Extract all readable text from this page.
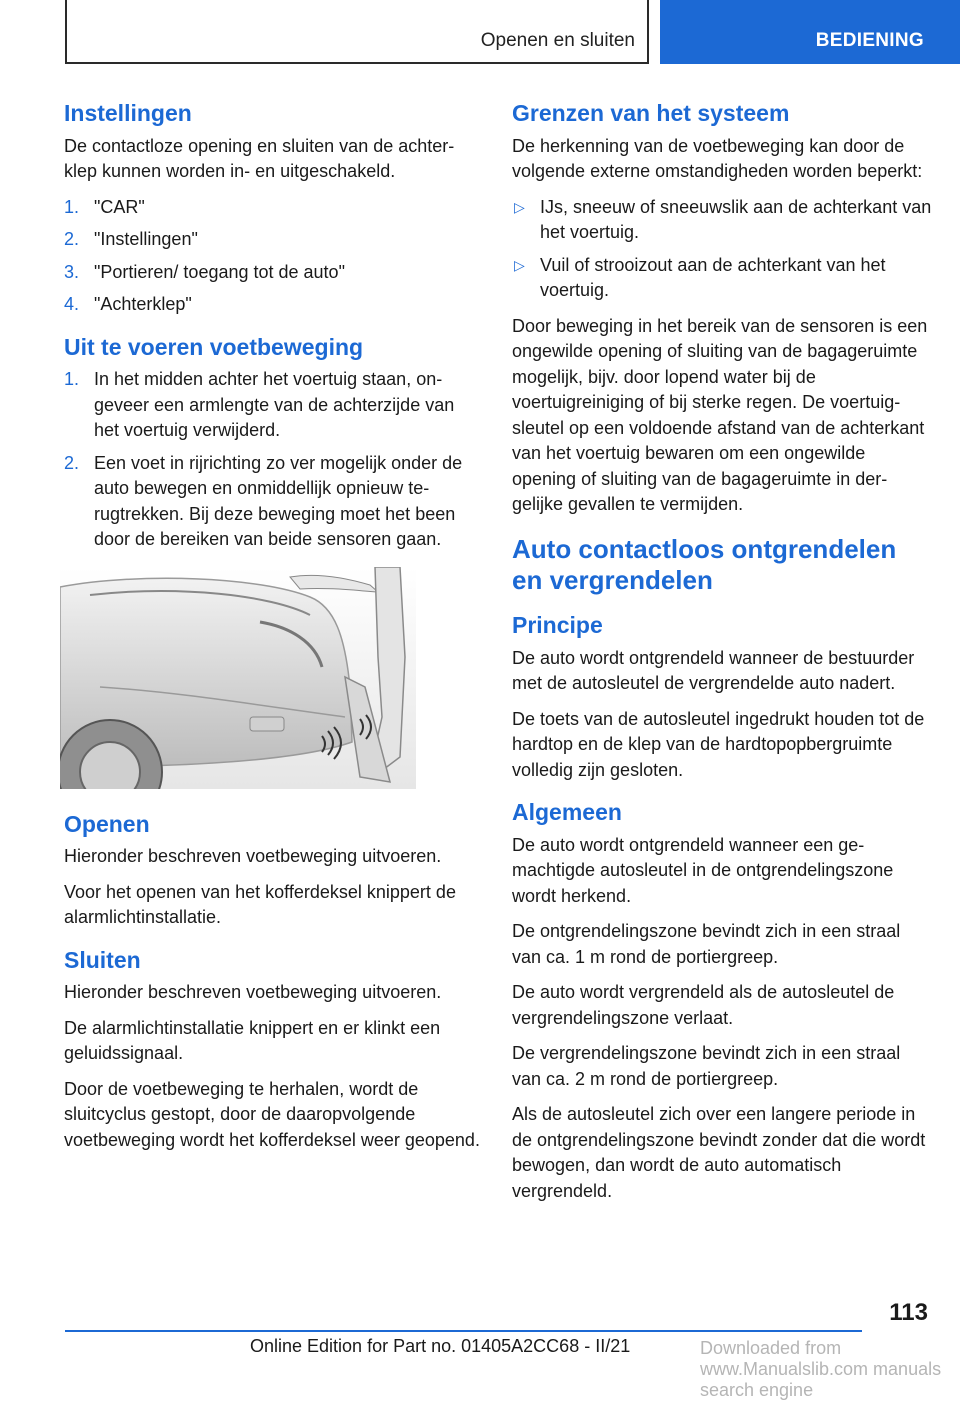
Openen en sluiten	BEDIENING
Instellingen

De contactloze opening en sluiten van de achterklep kunnen worden in- en uitgeschakeld.

1. "CAR"
2. "Instellingen"
3. "Portieren/ toegang tot de auto"
4. "Achterklep"
Uit te voeren voetbeweging
1. In het midden achter het voertuig staan, ongeveer een armlengte van de achterzijde van het voertuig verwijderd.
2. Een voet in rijrichting zo ver mogelijk onder de auto bewegen en onmiddellijk opnieuw terugtrekken. Bij deze beweging moet het been door de bereiken van beide sensoren gaan.
Openen

Hieronder beschreven voetbeweging uitvoeren.

Voor het openen van het kofferdeksel knippert de alarmlichtinstallatie.

Sluiten

Hieronder beschreven voetbeweging uitvoeren.

De alarmlichtinstallatie knippert en er klinkt een geluidssignaal.

Door de voetbeweging te herhalen, wordt de sluitcyclus gestopt, door de daaropvolgende voetbeweging wordt het kofferdeksel weer geopend.

Grenzen van het systeem

De herkenning van de voetbeweging kan door de volgende externe omstandigheden worden beperkt:

▷ IJs, sneeuw of sneeuwslik aan de achterkant van het voertuig.
▷ Vuil of strooizout aan de achterkant van het voertuig.

Door beweging in het bereik van de sensoren is een ongewilde opening of sluiting van de bagageruimte mogelijk, bijv. door lopend water bij de voertuigreiniging of bij sterke regen. De voertuigsleutel op een voldoende afstand van de achterkant van het voertuig bewaren om een ongewilde opening of sluiting van de bagageruimte in dergelijke gevallen te vermijden.

Auto contactloos ontgrendelen en vergrendelen
Principe

De auto wordt ontgrendeld wanneer de bestuurder met de autosleutel de vergrendelde auto nadert.

De toets van de autosleutel ingedrukt houden tot de hardtop en de klep van de hardtopopbergruimte volledig zijn gesloten.

Algemeen

De auto wordt ontgrendeld wanneer een gemachtigde autosleutel in de ontgrendelingszone wordt herkend.

De ontgrendelingszone bevindt zich in een straal van ca. 1 m rond de portiergreep.

De auto wordt vergrendeld als de autosleutel de vergrendelingszone verlaat.

De vergrendelingszone bevindt zich in een straal van ca. 2 m rond de portiergreep.

Als de autosleutel zich over een langere periode in de ontgrendelingszone bevindt zonder dat die wordt bewogen, dan wordt de auto automatisch vergrendeld.

113
Online Edition for Part no. 01405A2CC68 - II/21	Downloaded from www.Manualslib.com manuals search engine
